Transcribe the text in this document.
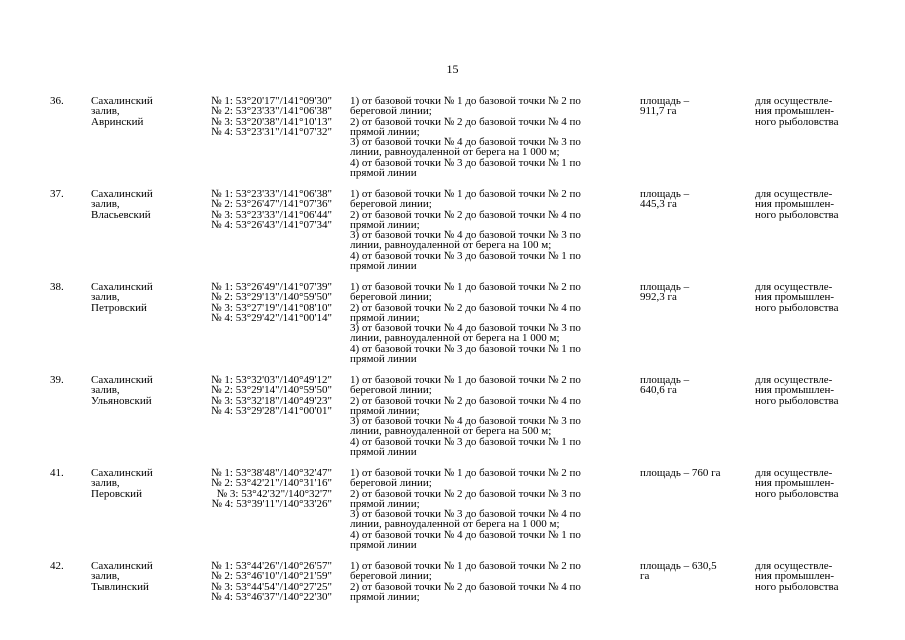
15
36. Сахалинский
залив,
Авринский
№ 1: 53°20'17"/141°09'30"
№ 2: 53°23'33"/141°06'38"
№ 3: 53°20'38"/141°10'13"
№ 4: 53°23'31"/141°07'32"
1) от базовой точки № 1 до базовой точки № 2 по
береговой линии;
2) от базовой точки № 2 до базовой точки № 4 по
прямой линии;
3) от базовой точки № 4 до базовой точки № 3 по
линии, равноудаленной от берега на 1 000 м;
4) от базовой точки № 3 до базовой точки № 1 по
прямой линии
площадь –
911,7 га
для осуществле-
ния промышлен-
ного рыболовства
37. Сахалинский
залив,
Власьевский
№ 1: 53°23'33"/141°06'38"
№ 2: 53°26'47"/141°07'36"
№ 3: 53°23'33"/141°06'44"
№ 4: 53°26'43"/141°07'34"
1) от базовой точки № 1 до базовой точки № 2 по
береговой линии;
2) от базовой точки № 2 до базовой точки № 4 по
прямой линии;
3) от базовой точки № 4 до базовой точки № 3 по
линии, равноудаленной от берега на 100 м;
4) от базовой точки № 3 до базовой точки № 1 по
прямой линии
площадь –
445,3 га
для осуществле-
ния промышлен-
ного рыболовства
38. Сахалинский
залив,
Петровский
№ 1: 53°26'49"/141°07'39"
№ 2: 53°29'13"/140°59'50"
№ 3: 53°27'19"/141°08'10"
№ 4: 53°29'42"/141°00'14"
1) от базовой точки № 1 до базовой точки № 2 по
береговой линии;
2) от базовой точки № 2 до базовой точки № 4 по
прямой линии;
3) от базовой точки № 4 до базовой точки № 3 по
линии, равноудаленной от берега на 1 000 м;
4) от базовой точки № 3 до базовой точки № 1 по
прямой линии
площадь –
992,3 га
для осуществле-
ния промышлен-
ного рыболовства
39. Сахалинский
залив,
Ульяновский
№ 1: 53°32'03"/140°49'12"
№ 2: 53°29'14"/140°59'50"
№ 3: 53°32'18"/140°49'23"
№ 4: 53°29'28"/141°00'01"
1) от базовой точки № 1 до базовой точки № 2 по
береговой линии;
2) от базовой точки № 2 до базовой точки № 4 по
прямой линии;
3) от базовой точки № 4 до базовой точки № 3 по
линии, равноудаленной от берега на 500 м;
4) от базовой точки № 3 до базовой точки № 1 по
прямой линии
площадь –
640,6 га
для осуществле-
ния промышлен-
ного рыболовства
41. Сахалинский
залив,
Перовский
№ 1: 53°38'48"/140°32'47"
№ 2: 53°42'21"/140°31'16"
№ 3: 53°42'32"/140°32'7"
№ 4: 53°39'11"/140°33'26"
1) от базовой точки № 1 до базовой точки № 2 по
береговой линии;
2) от базовой точки № 2 до базовой точки № 3 по
прямой линии;
3) от базовой точки № 3 до базовой точки № 4 по
линии, равноудаленной от берега на 1 000 м;
4) от базовой точки № 4 до базовой точки № 1 по
прямой линии
площадь – 760 га	для осуществле-
ния промышлен-
ного рыболовства
42. Сахалинский
залив,
Тывлинский
№ 1: 53°44'26"/140°26'57"
№ 2: 53°46'10"/140°21'59"
№ 3: 53°44'54"/140°27'25"
№ 4: 53°46'37"/140°22'30"
1) от базовой точки № 1 до базовой точки № 2 по
береговой линии;
2) от базовой точки № 2 до базовой точки № 4 по
прямой линии;
площадь – 630,5
га
для осуществле-
ния промышлен-
ного рыболовства
